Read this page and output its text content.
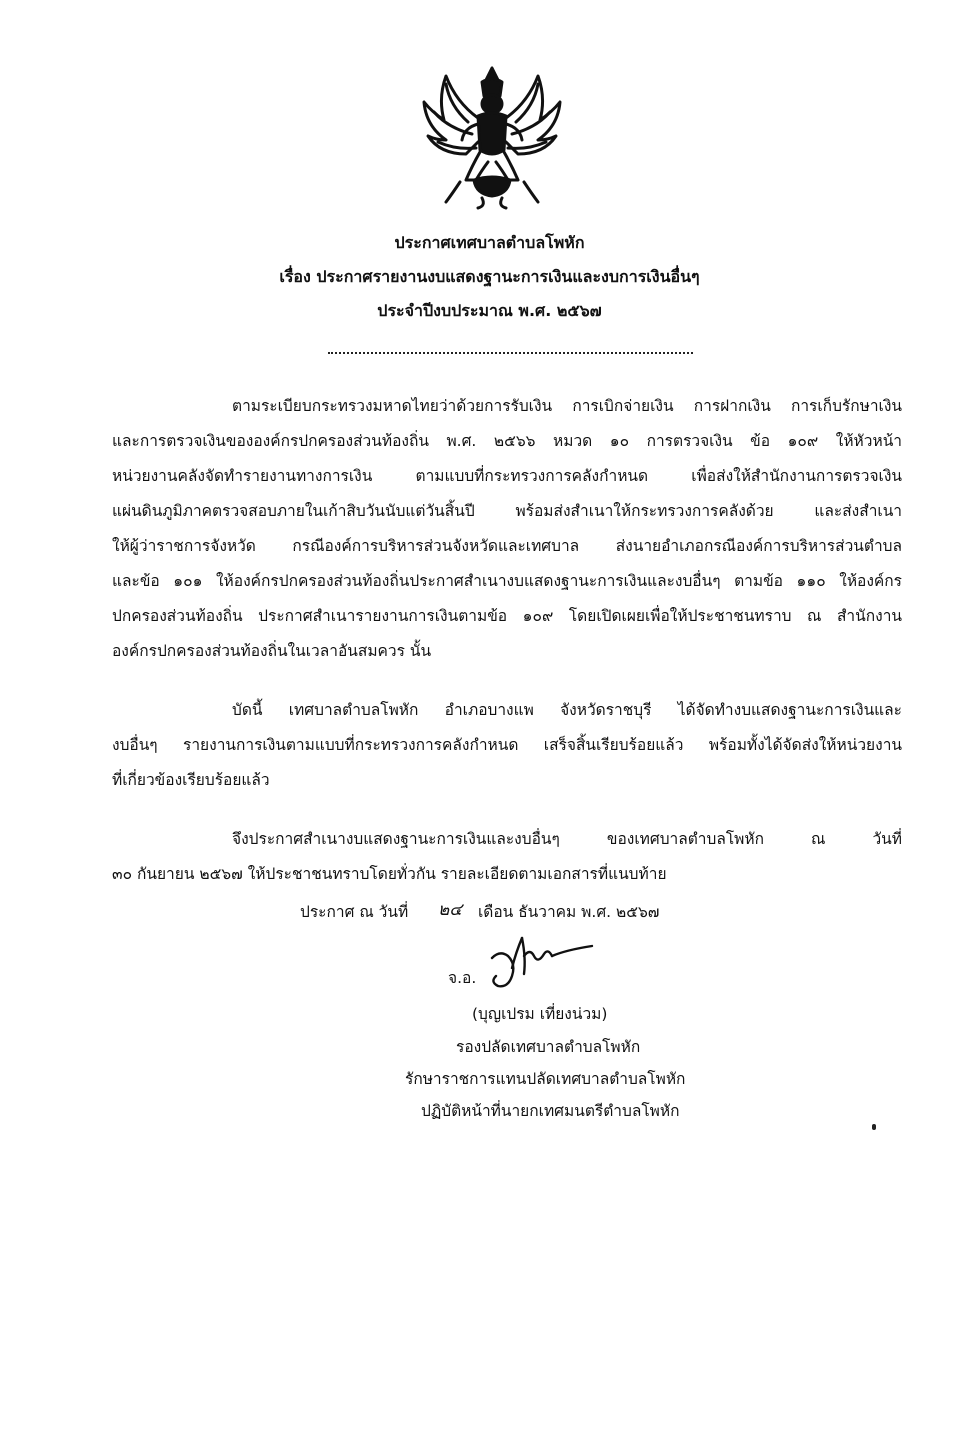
ประกาศเทศบาลตำบลโพหัก
เรื่อง ประกาศรายงานงบแสดงฐานะการเงินและงบการเงินอื่นๆ
ประจำปีงบประมาณ พ.ศ. ๒๕๖๗
ตามระเบียบกระทรวงมหาดไทยว่าด้วยการรับเงิน การเบิกจ่ายเงิน การฝากเงิน การเก็บรักษาเงิน
และการตรวจเงินขององค์กรปกครองส่วนท้องถิ่น พ.ศ. ๒๕๖๖ หมวด ๑๐ การตรวจเงิน ข้อ ๑๐๙ ให้หัวหน้า
หน่วยงานคลังจัดทำรายงานทางการเงิน ตามแบบที่กระทรวงการคลังกำหนด เพื่อส่งให้สำนักงานการตรวจเงิน
แผ่นดินภูมิภาคตรวจสอบภายในเก้าสิบวันนับแต่วันสิ้นปี พร้อมส่งสำเนาให้กระทรวงการคลังด้วย และส่งสำเนา
ให้ผู้ว่าราชการจังหวัด กรณีองค์การบริหารส่วนจังหวัดและเทศบาล ส่งนายอำเภอกรณีองค์การบริหารส่วนตำบล
และข้อ ๑๐๑ ให้องค์กรปกครองส่วนท้องถิ่นประกาศสำเนางบแสดงฐานะการเงินและงบอื่นๆ ตามข้อ ๑๑๐ ให้องค์กร
ปกครองส่วนท้องถิ่น ประกาศสำเนารายงานการเงินตามข้อ ๑๐๙ โดยเปิดเผยเพื่อให้ประชาชนทราบ ณ สำนักงาน
องค์กรปกครองส่วนท้องถิ่นในเวลาอันสมควร นั้น
บัดนี้ เทศบาลตำบลโพหัก อำเภอบางแพ จังหวัดราชบุรี ได้จัดทำงบแสดงฐานะการเงินและ
งบอื่นๆ รายงานการเงินตามแบบที่กระทรวงการคลังกำหนด เสร็จสิ้นเรียบร้อยแล้ว พร้อมทั้งได้จัดส่งให้หน่วยงาน
ที่เกี่ยวข้องเรียบร้อยแล้ว
จึงประกาศสำเนางบแสดงฐานะการเงินและงบอื่นๆ ของเทศบาลตำบลโพหัก ณ วันที่
๓๐ กันยายน ๒๕๖๗ ให้ประชาชนทราบโดยทั่วกัน รายละเอียดตามเอกสารที่แนบท้าย
ประกาศ ณ วันที่ ๒๔ เดือน ธันวาคม พ.ศ. ๒๕๖๗
จ.อ.
(บุญเปรม เที่ยงน่วม)
รองปลัดเทศบาลตำบลโพหัก
รักษาราชการแทนปลัดเทศบาลตำบลโพหัก
ปฏิบัติหน้าที่นายกเทศมนตรีตำบลโพหัก
